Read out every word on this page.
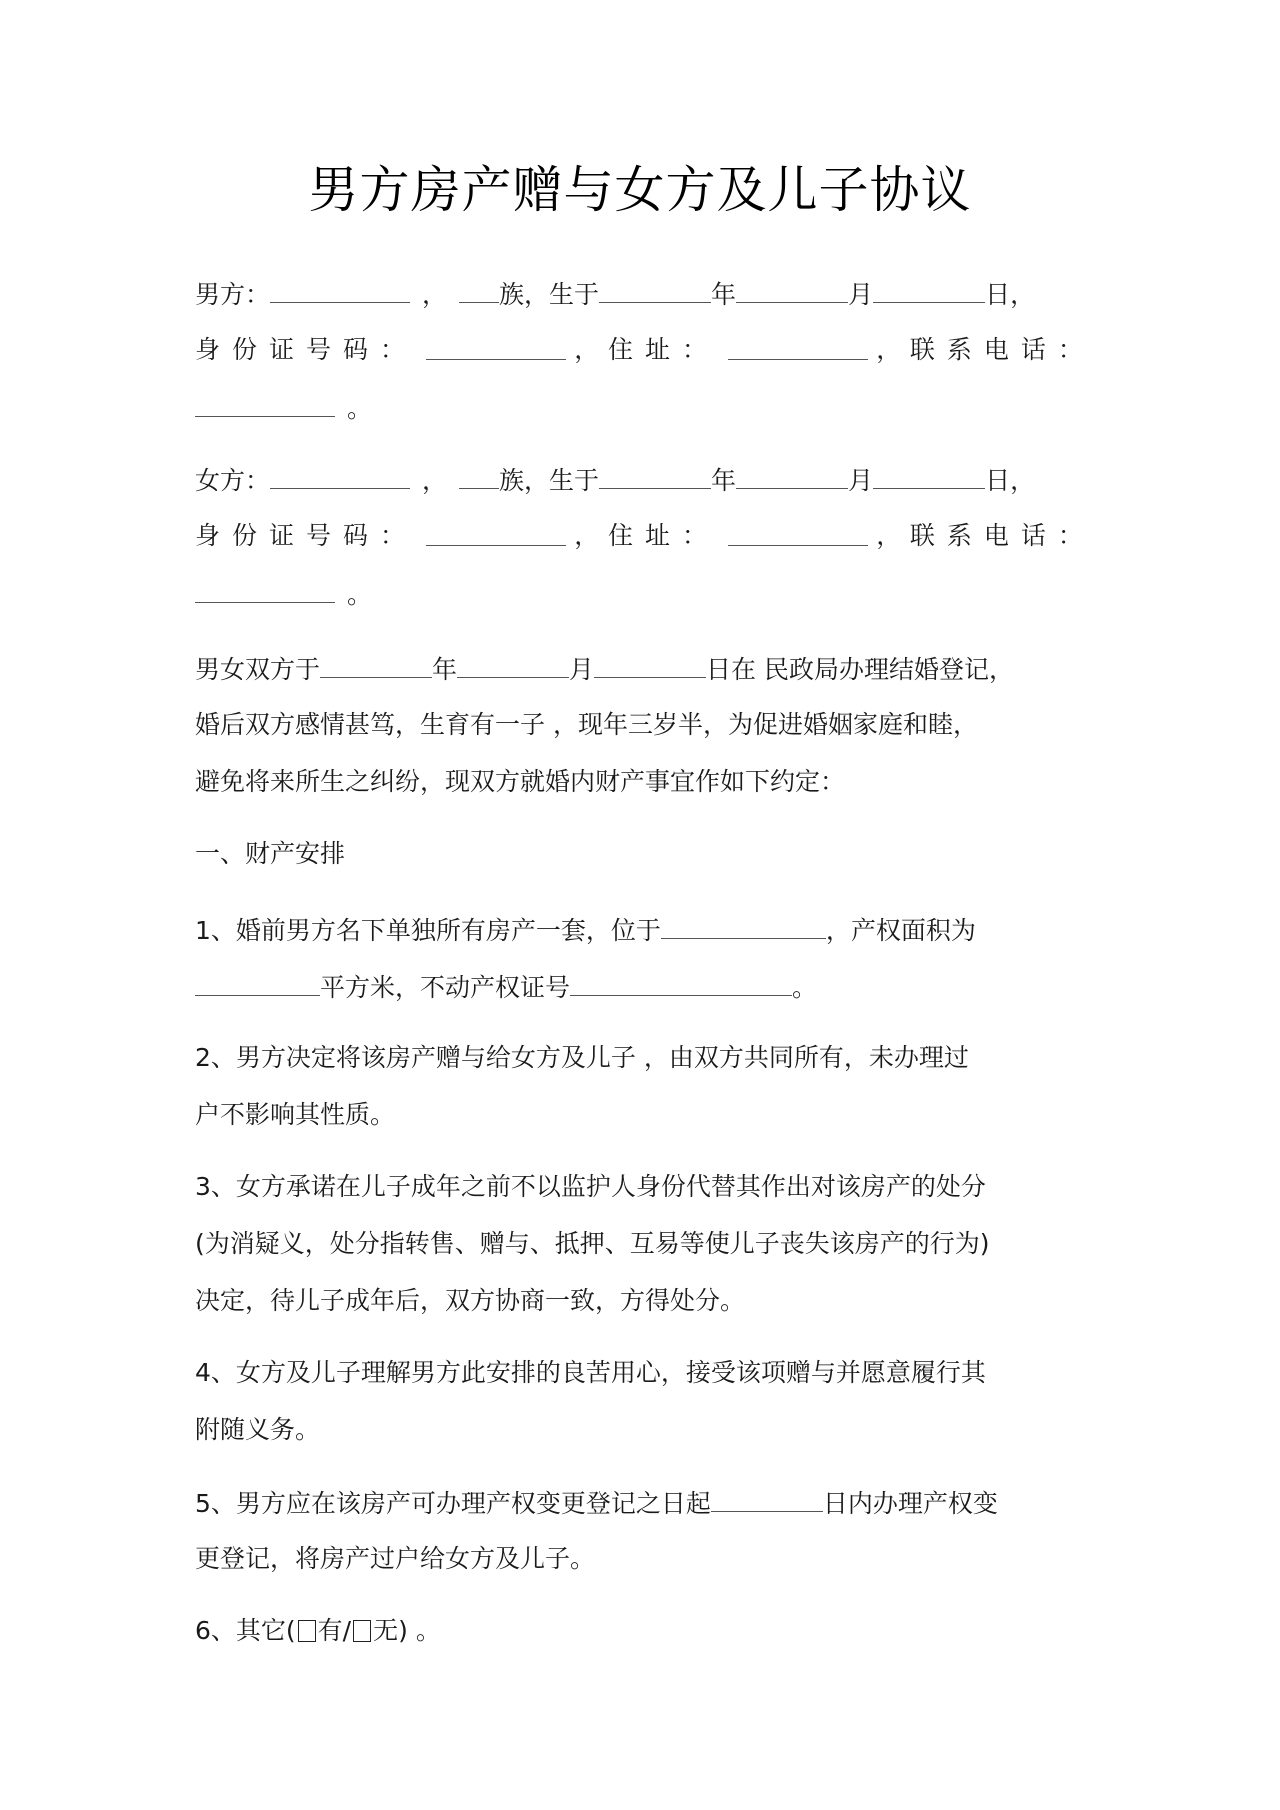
男方房产赠与女方及儿子协议
男方：	， 族，生于	年	月	日，
身份证号码：	， 住址：	， 联系电话：
。
女方：	， 族，生于	年	月	日，
身份证号码：	， 住址：	， 联系电话：
。
男女双方于	年	月	日在 民政局办理结婚登记，
婚后双方感情甚笃，生育有一子 ，现年三岁半，为促进婚姻家庭和睦，
避免将来所生之纠纷，现双方就婚内财产事宜作如下约定：
一、财产安排
1、婚前男方名下单独所有房产一套，位于	，产权面积为
平方米，不动产权证号	。
2、男方决定将该房产赠与给女方及儿子 ，由双方共同所有，未办理过
户不影响其性质。
3、女方承诺在儿子成年之前不以监护人身份代替其作出对该房产的处分
(为消疑义，处分指转售、赠与、抵押、互易等使儿子丧失该房产的行为)
决定，待儿子成年后，双方协商一致，方得处分。
4、女方及儿子理解男方此安排的良苦用心，接受该项赠与并愿意履行其
附随义务。
5、男方应在该房产可办理产权变更登记之日起	日内办理产权变
更登记，将房产过户给女方及儿子。
6、其它( 有/ 无) 。
